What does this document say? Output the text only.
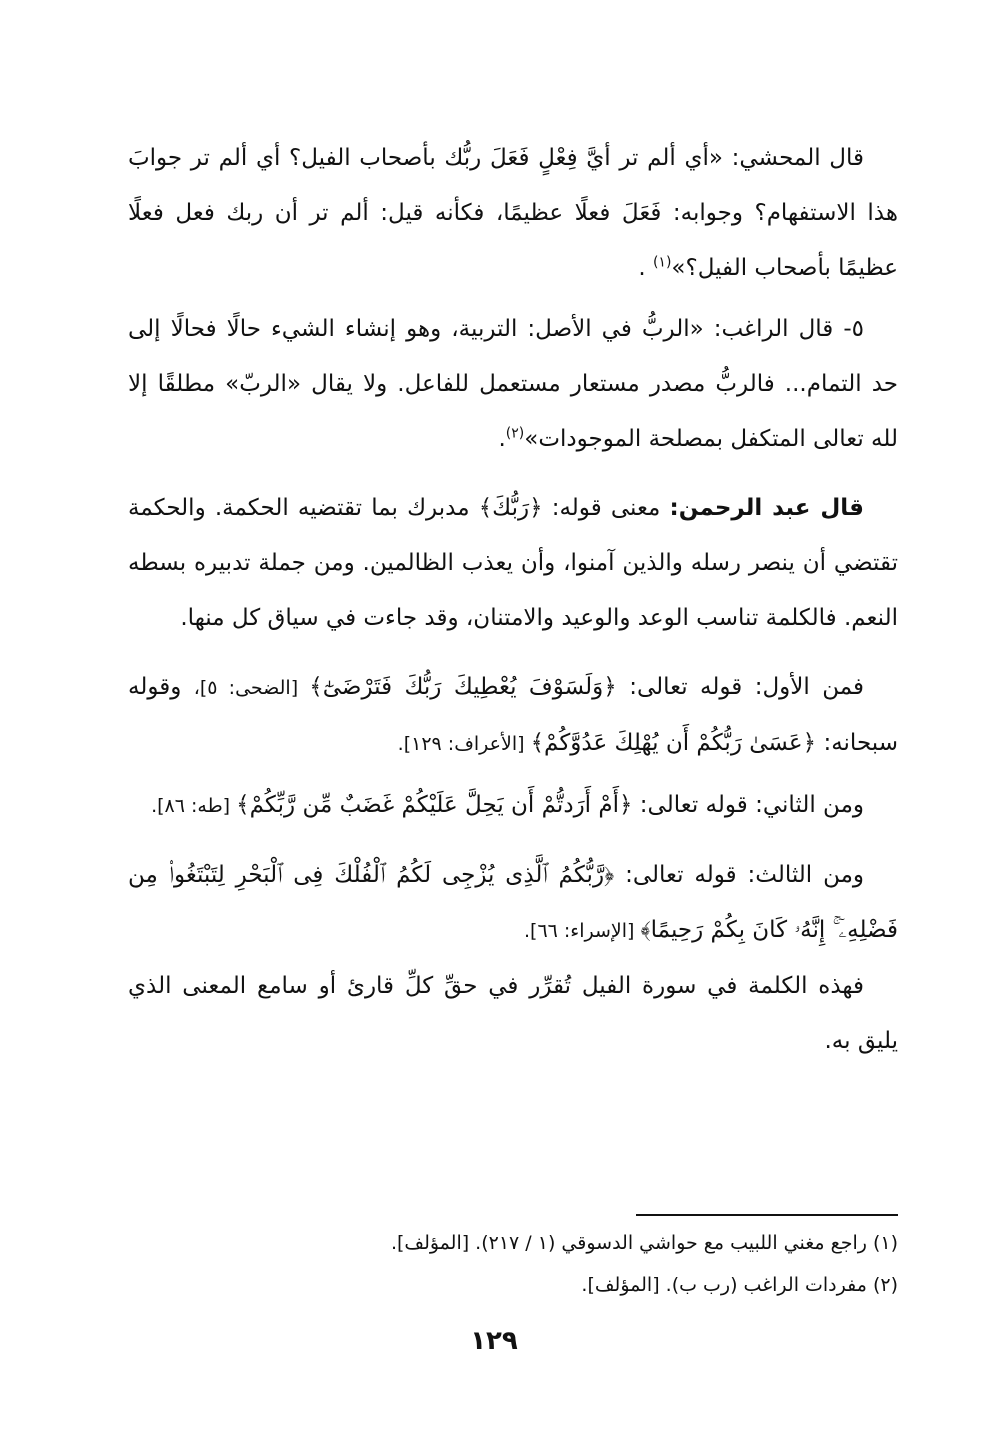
قال المحشي: «أي ألم تر أيَّ فِعْلٍ فَعَلَ ربُّك بأصحاب الفيل؟ أي ألم تر جوابَ هذا الاستفهام؟ وجوابه: فَعَلَ فعلًا عظيمًا، فكأنه قيل: ألم تر أن ربك فعل فعلًا عظيمًا بأصحاب الفيل؟»$^{(١)}$ .

٥- قال الراغب: «الربُّ في الأصل: التربية، وهو إنشاء الشيء حالًا فحالًا إلى حد التمام... فالربُّ مصدر مستعار مستعمل للفاعل. ولا يقال «الربّ» مطلقًا إلا لله تعالى المتكفل بمصلحة الموجودات»$^{(٢)}$.

قال عبد الرحمن: معنى قوله: ﴿رَبُّكَ﴾ مدبرك بما تقتضيه الحكمة. والحكمة تقتضي أن ينصر رسله والذين آمنوا، وأن يعذب الظالمين. ومن جملة تدبيره بسطه النعم. فالكلمة تناسب الوعد والوعيد والامتنان، وقد جاءت في سياق كل منها.

فمن الأول: قوله تعالى: ﴿وَلَسَوْفَ يُعْطِيكَ رَبُّكَ فَتَرْضَىٰٓ﴾ [الضحى: ٥]، وقوله سبحانه: ﴿عَسَىٰ رَبُّكُمْ أَن يُهْلِكَ عَدُوَّكُمْ﴾ [الأعراف: ١٢٩].

ومن الثاني: قوله تعالى: ﴿أَمْ أَرَدتُّمْ أَن يَحِلَّ عَلَيْكُمْ غَضَبٌ مِّن رَّبِّكُمْ﴾ [طه: ٨٦].

ومن الثالث: قوله تعالى: ﴿رَّبُّكُمُ ٱلَّذِى يُزْجِى لَكُمُ ٱلْفُلْكَ فِى ٱلْبَحْرِ لِتَبْتَغُوا۟ مِن فَضْلِهِۦٓ ۚ إِنَّهُۥ كَانَ بِكُمْ رَحِيمًا﴾ [الإسراء: ٦٦].

فهذه الكلمة في سورة الفيل تُقرِّر في حقِّ كلِّ قارئ أو سامع المعنى الذي يليق به.

(١) راجع مغني اللبيب مع حواشي الدسوقي (١ / ٢١٧). [المؤلف].

(٢) مفردات الراغب (رب ب). [المؤلف].

١٢٩
